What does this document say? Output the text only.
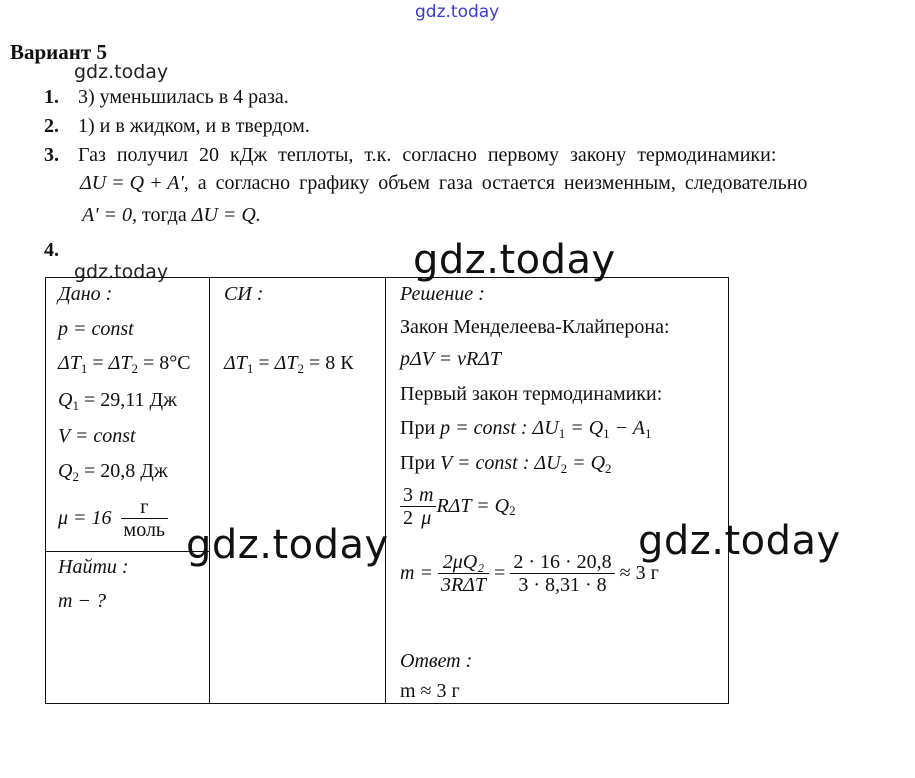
gdz.today
gdz.today
gdz.today	gdz.today
gdz.today	gdz.today
Вариант 5
1. 3) уменьшилась в 4 раза.
2. 1) и в жидком, и в твердом.
3. Газ получил 20 кДж теплоты, т.к. согласно первому закону термодинамики:
ΔU = Q + A', а согласно графику объем газа остается неизменным, следовательно
A' = 0, тогда ΔU = Q.
4.
Дано :
p = const
$\Delta T_1 = \Delta T_2 = 8^\circ C$
$Q_1 = 29,11$ Дж
V = const
$Q_2 = 20,8$ Дж
$\mu = 16 \frac{г}{\text{моль}}$
Найти :
m − ?
СИ :
$\Delta T_1 = \Delta T_2 = 8$ К
Решение :
Закон Менделеева-Клайперона:
pΔV = νRΔT
Первый закон термодинамики:
При p = const : $\Delta U_1 = Q_1 - A_1$
При V = const : $\Delta U_2 = Q_2$
$\frac{3}{2} \frac{m}{\mu}$ $R\Delta T = Q_2$
$m = \frac{\text{2μQ₂}}{\text{3RΔT}} = \frac{2 \cdot 16 \cdot 20,8}{3 \cdot 8,31 \cdot 8} \approx 3$ г
Ответ :
m ≈ 3 г
